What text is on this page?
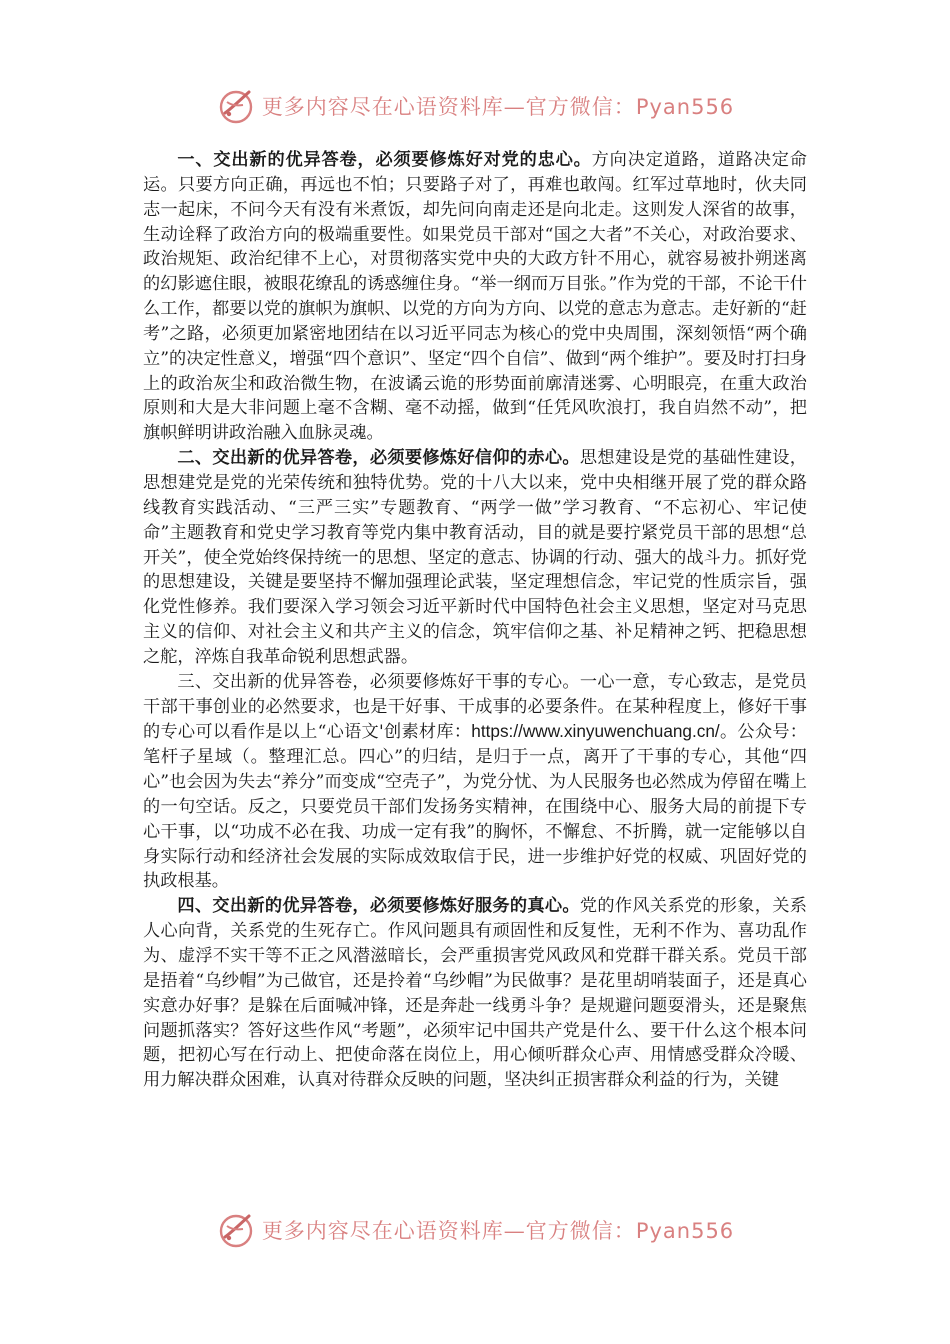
更多内容尽在心语资料库—官方微信：Pyan556

一、交出新的优异答卷，必须要修炼好对党的忠心。方向决定道路，道路决定命运。只要方向正确，再远也不怕；只要路子对了，再难也敢闯。红军过草地时，伙夫同志一起床，不问今天有没有米煮饭，却先问向南走还是向北走。这则发人深省的故事，生动诠释了政治方向的极端重要性。如果党员干部对“国之大者”不关心，对政治要求、政治规矩、政治纪律不上心，对贯彻落实党中央的大政方针不用心，就容易被扑朔迷离的幻影遮住眼，被眼花缭乱的诱惑缠住身。“举一纲而万目张。”作为党的干部，不论干什么工作，都要以党的旗帜为旗帜、以党的方向为方向、以党的意志为意志。走好新的“赶考”之路，必须更加紧密地团结在以习近平同志为核心的党中央周围，深刻领悟“两个确立”的决定性意义，增强“四个意识”、坚定“四个自信”、做到“两个维护”。要及时打扫身上的政治灰尘和政治微生物，在波谲云诡的形势面前廓清迷雾、心明眼亮，在重大政治原则和大是大非问题上毫不含糊、毫不动摇，做到“任凭风吹浪打，我自岿然不动”，把旗帜鲜明讲政治融入血脉灵魂。

二、交出新的优异答卷，必须要修炼好信仰的赤心。思想建设是党的基础性建设，思想建党是党的光荣传统和独特优势。党的十八大以来，党中央相继开展了党的群众路线教育实践活动、“三严三实”专题教育、“两学一做”学习教育、“不忘初心、牢记使命”主题教育和党史学习教育等党内集中教育活动，目的就是要拧紧党员干部的思想“总开关”，使全党始终保持统一的思想、坚定的意志、协调的行动、强大的战斗力。抓好党的思想建设，关键是要坚持不懈加强理论武装，坚定理想信念，牢记党的性质宗旨，强化党性修养。我们要深入学习领会习近平新时代中国特色社会主义思想，坚定对马克思主义的信仰、对社会主义和共产主义的信念，筑牢信仰之基、补足精神之钙、把稳思想之舵，淬炼自我革命锐利思想武器。

三、交出新的优异答卷，必须要修炼好干事的专心。一心一意，专心致志，是党员干部干事创业的必然要求，也是干好事、干成事的必要条件。在某种程度上，修好干事的专心可以看作是以上“心语文'创素材库：https://www.xinyuwenchuang.cn/。公众号：笔杆子星域（。整理汇总。四心”的归结，是归于一点，离开了干事的专心，其他“四心”也会因为失去“养分”而变成“空壳子”，为党分忧、为人民服务也必然成为停留在嘴上的一句空话。反之，只要党员干部们发扬务实精神，在围绕中心、服务大局的前提下专心干事，以“功成不必在我、功成一定有我”的胸怀，不懈怠、不折腾，就一定能够以自身实际行动和经济社会发展的实际成效取信于民，进一步维护好党的权威、巩固好党的执政根基。

四、交出新的优异答卷，必须要修炼好服务的真心。党的作风关系党的形象，关系人心向背，关系党的生死存亡。作风问题具有顽固性和反复性，无利不作为、喜功乱作为、虚浮不实干等不正之风潜滋暗长，会严重损害党风政风和党群干群关系。党员干部是捂着“乌纱帽”为己做官，还是拎着“乌纱帽”为民做事？是花里胡哨装面子，还是真心实意办好事？是躲在后面喊冲锋，还是奔赴一线勇斗争？是规避问题耍滑头，还是聚焦问题抓落实？答好这些作风“考题”，必须牢记中国共产党是什么、要干什么这个根本问题，把初心写在行动上、把使命落在岗位上，用心倾听群众心声、用情感受群众冷暖、用力解决群众困难，认真对待群众反映的问题，坚决纠正损害群众利益的行为，关键

更多内容尽在心语资料库—官方微信：Pyan556
